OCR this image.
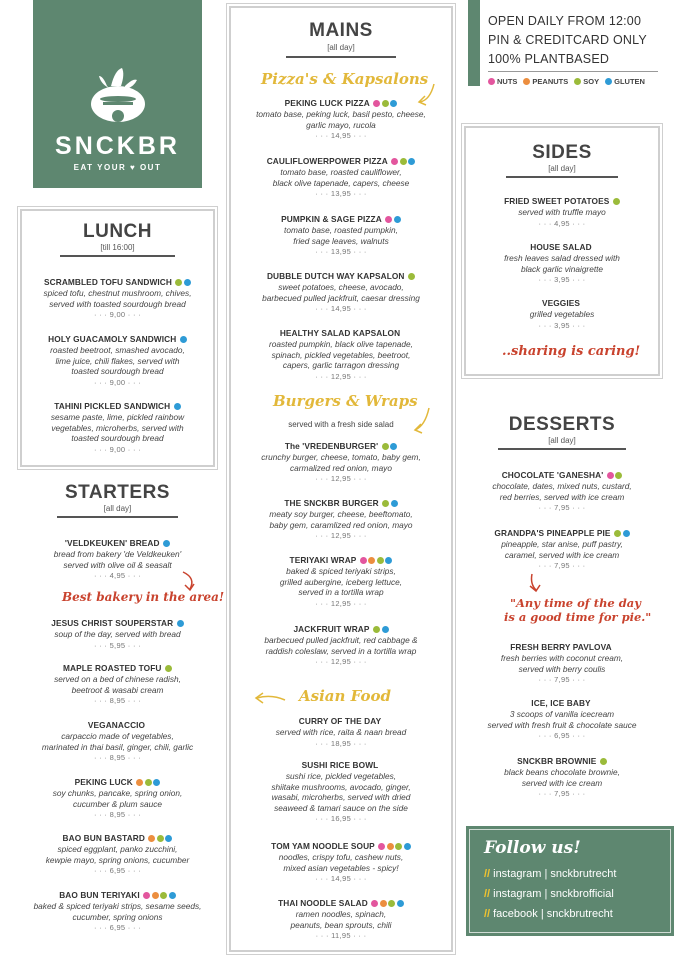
SNCKBR
EAT YOUR ♥ OUT
OPEN DAILY FROM 12:00
PIN & CREDITCARD ONLY
100% PLANTBASED
NUTS PEANUTS SOY GLUTEN
LUNCH
[till 16:00]
SCRAMBLED TOFU SANDWICH
spiced tofu, chestnut mushroom, chives,
served with toasted sourdough bread
· · · 9,00 · · ·
HOLY GUACAMOLY SANDWICH
roasted beetroot, smashed avocado,
lime juice, chili flakes, served with
toasted sourdough bread
· · · 9,00 · · ·
TAHINI PICKLED SANDWICH
sesame paste, lime, pickled rainbow
vegetables, microherbs, served with
toasted sourdough bread
· · · 9,00 · · ·
STARTERS
[all day]
Best bakery in the area!
'VELDKEUKEN' BREAD
bread from bakery 'de Veldkeuken'
served with olive oil & seasalt
· · · 4,95 · · ·
JESUS CHRIST SOUPERSTAR
soup of the day, served with bread
· · · 5,95 · · ·
MAPLE ROASTED TOFU
served on a bed of chinese radish,
beetroot & wasabi cream
· · · 8,95 · · ·
VEGANACCIO
carpaccio made of vegetables,
marinated in thai basil, ginger, chili, garlic
· · · 8,95 · · ·
PEKING LUCK
soy chunks, pancake, spring onion,
cucumber & plum sauce
· · · 8,95 · · ·
BAO BUN BASTARD
spiced eggplant, panko zucchini,
kewpie mayo, spring onions, cucumber
· · · 6,95 · · ·
BAO BUN TERIYAKI
baked & spiced teriyaki strips, sesame seeds,
cucumber, spring onions
· · · 6,95 · · ·
MAINS
[all day]
Pizza's & Kapsalons
PEKING LUCK PIZZA
tomato base, peking luck, basil pesto, cheese,
garlic mayo, rucola
· · · 14,95 · · ·
CAULIFLOWERPOWER PIZZA
tomato base, roasted cauliflower,
black olive tapenade, capers, cheese
· · · 13,95 · · ·
PUMPKIN & SAGE PIZZA
tomato base, roasted pumpkin,
fried sage leaves, walnuts
· · · 13,95 · · ·
DUBBLE DUTCH WAY KAPSALON
sweet potatoes, cheese, avocado,
barbecued pulled jackfruit, caesar dressing
· · · 14,95 · · ·
HEALTHY SALAD KAPSALON
roasted pumpkin, black olive tapenade,
spinach, pickled vegetables, beetroot,
capers, garlic tarragon dressing
· · · 12,95 · · ·
Burgers & Wraps
served with a fresh side salad
The 'VREDENBURGER'
crunchy burger, cheese, tomato, baby gem,
carmalized red onion, mayo
· · · 12,95 · · ·
THE SNCKBR BURGER
meaty soy burger, cheese, beeftomato,
baby gem, caramlized red onion, mayo
· · · 12,95 · · ·
TERIYAKI WRAP
baked & spiced teriyaki strips,
grilled aubergine, iceberg lettuce,
served in a tortilla wrap
· · · 12,95 · · ·
JACKFRUIT WRAP
barbecued pulled jackfruit, red cabbage &
raddish coleslaw, served in a tortilla wrap
· · · 12,95 · · ·
Asian Food
CURRY OF THE DAY
served with rice, raita & naan bread
· · · 18,95 · · ·
SUSHI RICE BOWL
sushi rice, pickled vegetables,
shiitake mushrooms, avocado, ginger,
wasabi, microherbs, served with dried
seaweed & tamari sauce on the side
· · · 16,95 · · ·
TOM YAM NOODLE SOUP
noodles, crispy tofu, cashew nuts,
mixed asian vegetables - spicy!
· · · 14,95 · · ·
THAI NOODLE SALAD
ramen noodles, spinach,
peanuts, bean sprouts, chili
· · · 11,95 · · ·
SIDES
[all day]
FRIED SWEET POTATOES
served with truffle mayo
· · · 4,95 · · ·
HOUSE SALAD
fresh leaves salad dressed with
black garlic vinaigrette
· · · 3,95 · · ·
VEGGIES
grilled vegetables
· · · 3,95 · · ·
..sharing is caring!
DESSERTS
[all day]
CHOCOLATE 'GANESHA'
chocolate, dates, mixed nuts, custard,
red berries, served with ice cream
· · · 7,95 · · ·
GRANDPA'S PINEAPPLE PIE
pineapple, star anise, puff pastry,
caramel, served with ice cream
· · · 7,95 · · ·
FRESH BERRY PAVLOVA
fresh berries with coconut cream,
served with berry coulis
· · · 7,95 · · ·
ICE, ICE BABY
3 scoops of vanilla icecream
served with fresh fruit & chocolate sauce
· · · 6,95 · · ·
SNCKBR BROWNIE
black beans chocolate brownie,
served with ice cream
· · · 7,95 · · ·
"Any time of the day
is a good time for pie."
Follow us!
// instagram | snckbrutrecht
// instagram | snckbrofficial
// facebook | snckbrutrecht
